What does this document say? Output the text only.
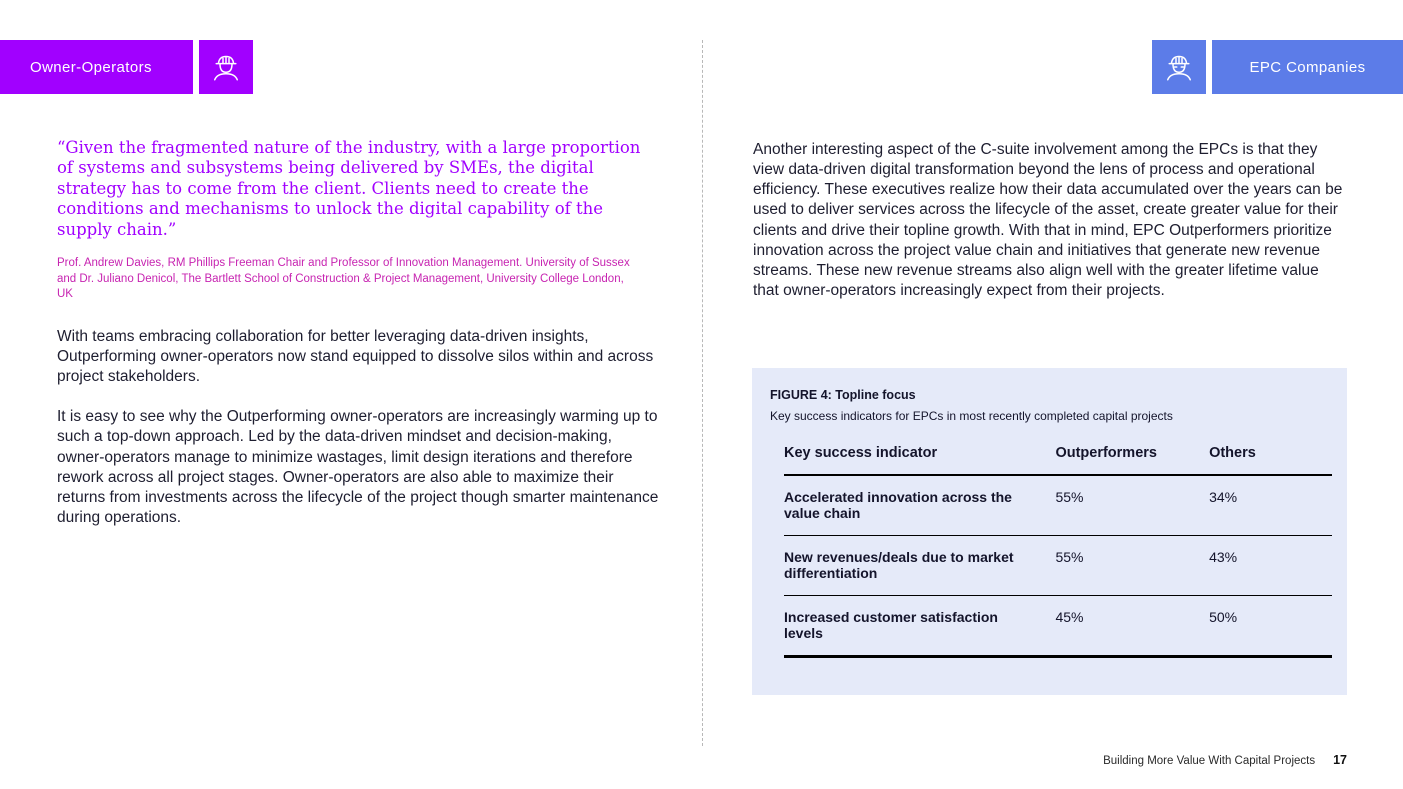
Owner-Operators	EPC Companies
“Given the fragmented nature of the industry, with a large proportion of systems and subsystems being delivered by SMEs, the digital strategy has to come from the client. Clients need to create the conditions and mechanisms to unlock the digital capability of the supply chain.”
Prof. Andrew Davies, RM Phillips Freeman Chair and Professor of Innovation Management. University of Sussex and Dr. Juliano Denicol, The Bartlett School of Construction & Project Management, University College London, UK

With teams embracing collaboration for better leveraging data-driven insights, Outperforming owner-operators now stand equipped to dissolve silos within and across project stakeholders.

It is easy to see why the Outperforming owner-operators are increasingly warming up to such a top-down approach. Led by the data-driven mindset and decision-making, owner-operators manage to minimize wastages, limit design iterations and therefore rework across all project stages. Owner-operators are also able to maximize their returns from investments across the lifecycle of the project though smarter maintenance during operations.

Another interesting aspect of the C-suite involvement among the EPCs is that they view data-driven digital transformation beyond the lens of process and operational efficiency. These executives realize how their data accumulated over the years can be used to deliver services across the lifecycle of the asset, create greater value for their clients and drive their topline growth. With that in mind, EPC Outperformers prioritize innovation across the project value chain and initiatives that generate new revenue streams. These new revenue streams also align well with the greater lifetime value that owner-operators increasingly expect from their projects.

FIGURE 4: Topline focus
Key success indicators for EPCs in most recently completed capital projects
Key success indicator	Outperformers	Others
Accelerated innovation across the value chain	55%	34%
New revenues/deals due to market differentiation	55%	43%
Increased customer satisfaction levels	45%	50%
Building More Value With Capital Projects 17
